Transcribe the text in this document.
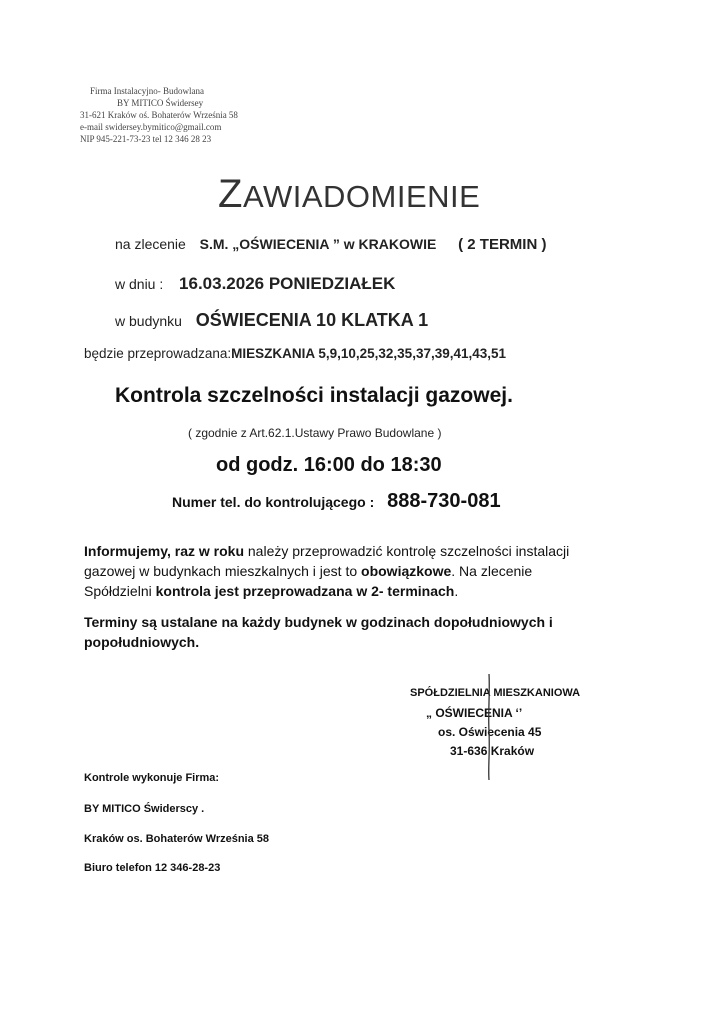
Firma Instalacyjno- Budowlana
BY MITICO Świdersey
31-621 Kraków oś. Bohaterów Września 58
e-mail swidersey.bymitico@gmail.com
NIP 945-221-73-23 tel 12 346 28 23
ZAWIADOMIENIE
na zlecenie S.M. „OŚWIECENIA ” w KRAKOWIE ( 2 TERMIN )
w dniu : 16.03.2026 PONIEDZIAŁEK
w budynku OŚWIECENIA 10 KLATKA 1
będzie przeprowadzana:MIESZKANIA 5,9,10,25,32,35,37,39,41,43,51
Kontrola szczelności instalacji gazowej.
( zgodnie z Art.62.1.Ustawy Prawo Budowlane )
od godz. 16:00 do 18:30
Numer tel. do kontrolującego : 888-730-081
Informujemy, raz w roku należy przeprowadzić kontrolę szczelności instalacji
gazowej w budynkach mieszkalnych i jest to obowiązkowe. Na zlecenie
Spółdzielni kontrola jest przeprowadzana w 2- terminach.
Terminy są ustalane na każdy budynek w godzinach dopołudniowych i
popołudniowych.
SPÓŁDZIELNIA MIESZKANIOWA
„ OŚWIECENIA ‘’
os. Oświecenia 45
31-636 Kraków
Kontrole wykonuje Firma:
BY MITICO Świderscy .
Kraków os. Bohaterów Września 58
Biuro telefon 12 346-28-23
